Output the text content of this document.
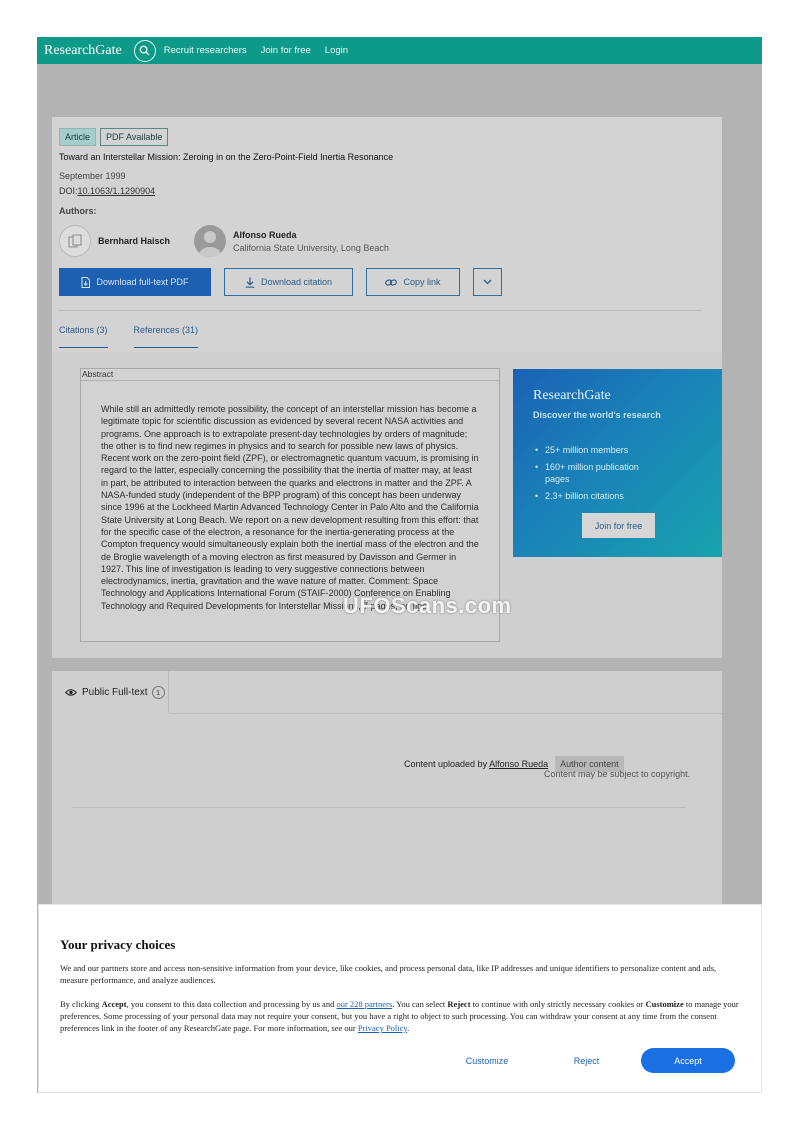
ResearchGate	Recruit researchers Join for free Login
Article	PDF Available
Toward an Interstellar Mission: Zeroing in on the Zero-Point-Field Inertia Resonance
September 1999
DOI:10.1063/1.1290904
Authors:
Bernhard Haisch
Alfonso Rueda
California State University, Long Beach
Download full-text PDF	Download citation	Copy link
Citations (3)	References (31)
Abstract
While still an admittedly remote possibility, the concept of an interstellar mission has become a legitimate topic for scientific discussion as evidenced by several recent NASA activities and programs. One approach is to extrapolate present-day technologies by orders of magnitude; the other is to find new regimes in physics and to search for possible new laws of physics. Recent work on the zero-point field (ZPF), or electromagnetic quantum vacuum, is promising in regard to the latter, especially concerning the possibility that the inertia of matter may, at least in part, be attributed to interaction between the quarks and electrons in matter and the ZPF. A NASA-funded study (independent of the BPP program) of this concept has been underway since 1996 at the Lockheed Martin Advanced Technology Center in Palo Alto and the California State University at Long Beach. We report on a new development resulting from this effort: that for the specific case of the electron, a resonance for the inertia-generating process at the Compton frequency would simultaneously explain both the inertial mass of the electron and the de Broglie wavelength of a moving electron as first measured by Davisson and Germer in 1927. This line of investigation is leading to very suggestive connections between electrodynamics, inertia, gravitation and the wave nature of matter. Comment: Space Technology and Applications International Forum (STAIF-2000) Conference on Enabling Technology and Required Developments for Interstellar Missions, 7 pages, no figs
ResearchGate
Discover the world's research
• 25+ million members
• 160+ million publication pages
• 2.3+ billion citations
Join for free
Public Full-text	1
Content uploaded by Alfonso Rueda	Author content
Content may be subject to copyright.
UFOScans.com
Your privacy choices

We and our partners store and access non-sensitive information from your device, like cookies, and process personal data, like IP addresses and unique identifiers to personalize content and ads, measure performance, and analyze audiences.

By clicking Accept, you consent to this data collection and processing by us and our 228 partners. You can select Reject to continue with only strictly necessary cookies or Customize to manage your preferences. Some processing of your personal data may not require your consent, but you have a right to object to such processing. You can withdraw your consent at any time from the consent preferences link in the footer of any ResearchGate page. For more information, see our Privacy Policy.

Customize	Reject	Accept
